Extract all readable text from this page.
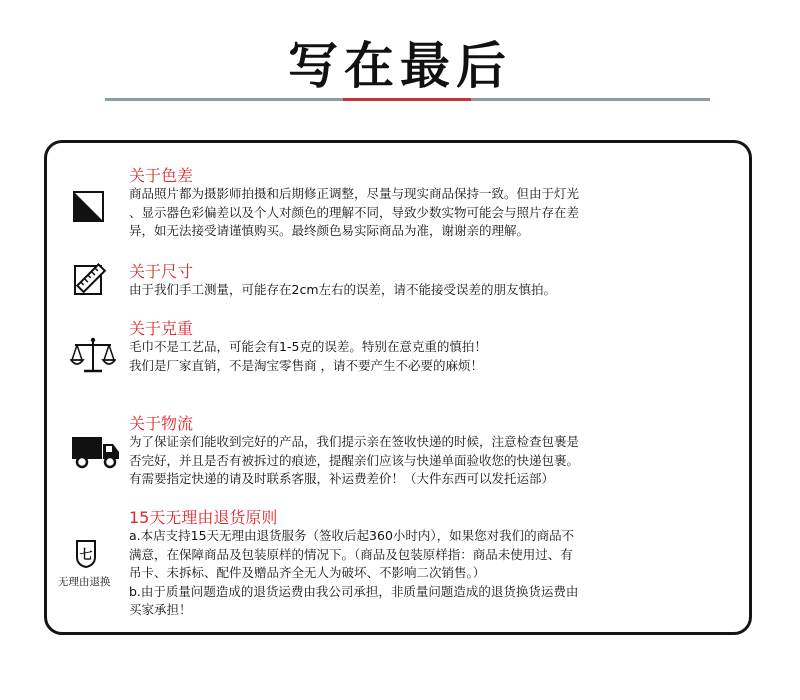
写在最后
关于色差
商品照片都为摄影师拍摄和后期修正调整，尽量与现实商品保持一致。但由于灯光
、显示器色彩偏差以及个人对颜色的理解不同，导致少数实物可能会与照片存在差
异，如无法接受请谨慎购买。最终颜色易实际商品为准，谢谢亲的理解。
关于尺寸
由于我们手工测量，可能存在2cm左右的误差，请不能接受误差的朋友慎拍。
关于克重
毛巾不是工艺品，可能会有1-5克的误差。特别在意克重的慎拍！
我们是厂家直销，不是淘宝零售商 ，请不要产生不必要的麻烦！
关于物流
为了保证亲们能收到完好的产品，我们提示亲在签收快递的时候，注意检查包裹是
否完好，并且是否有被拆过的痕迹，提醒亲们应该与快递单面验收您的快递包裹。
有需要指定快递的请及时联系客服，补运费差价！（大件东西可以发托运部）
七
无理由退换
15天无理由退货原则
a.本店支持15天无理由退货服务（签收后起360小时内），如果您对我们的商品不
满意，在保障商品及包装原样的情况下。（商品及包装原样指：商品未使用过、有
吊卡、未拆标、配件及赠品齐全无人为破坏、不影响二次销售。）
b.由于质量问题造成的退货运费由我公司承担，非质量问题造成的退货换货运费由
买家承担！
